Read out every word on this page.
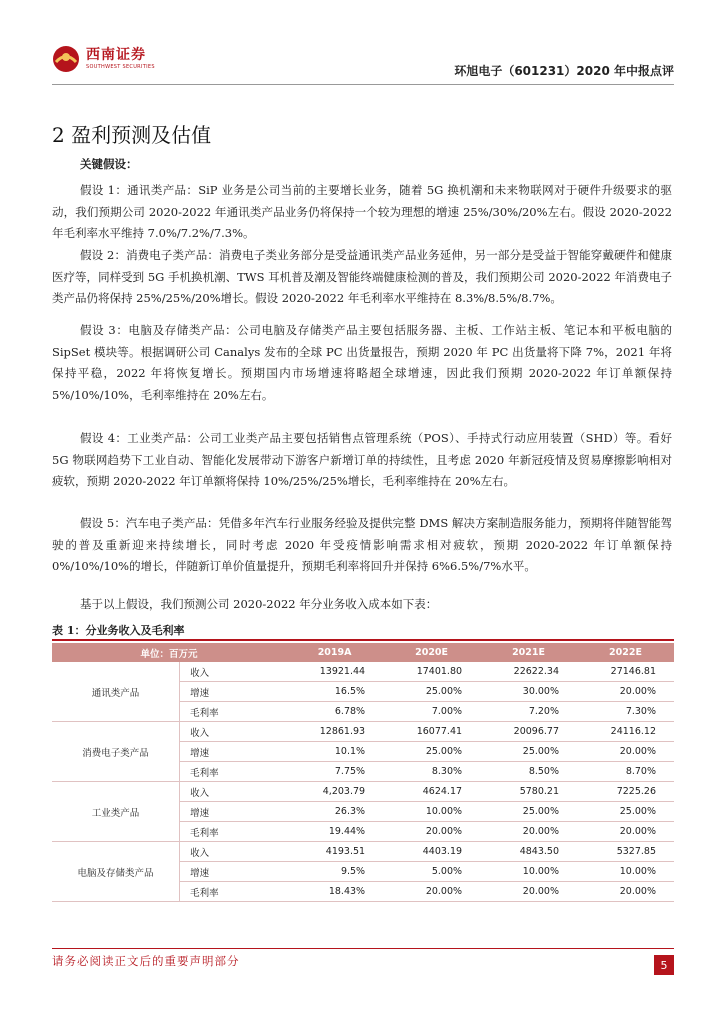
西南证券
SOUTHWEST SECURITIES	环旭电子（601231）2020 年中报点评
2 盈利预测及估值
关键假设：
假设 1：通讯类产品：SiP 业务是公司当前的主要增长业务，随着 5G 换机潮和未来物联网对于硬件升级要求的驱动，我们预期公司 2020-2022 年通讯类产品业务仍将保持一个较为理想的增速 25%/30%/20%左右。假设 2020-2022 年毛利率水平维持 7.0%/7.2%/7.3%。
假设 2：消费电子类产品：消费电子类业务部分是受益通讯类产品业务延伸，另一部分是受益于智能穿戴硬件和健康医疗等，同样受到 5G 手机换机潮、TWS 耳机普及潮及智能终端健康检测的普及，我们预期公司 2020-2022 年消费电子类产品仍将保持 25%/25%/20%增长。假设 2020-2022 年毛利率水平维持在 8.3%/8.5%/8.7%。
假设 3：电脑及存储类产品：公司电脑及存储类产品主要包括服务器、主板、工作站主板、笔记本和平板电脑的 SipSet 模块等。根据调研公司 Canalys 发布的全球 PC 出货量报告，预期 2020 年 PC 出货量将下降 7%，2021 年将保持平稳，2022 年将恢复增长。预期国内市场增速将略超全球增速，因此我们预期 2020-2022 年订单额保持 5%/10%/10%，毛利率维持在 20%左右。
假设 4：工业类产品：公司工业类产品主要包括销售点管理系统（POS）、手持式行动应用装置（SHD）等。看好 5G 物联网趋势下工业自动、智能化发展带动下游客户新增订单的持续性，且考虑 2020 年新冠疫情及贸易摩擦影响相对疲软，预期 2020-2022 年订单额将保持 10%/25%/25%增长，毛利率维持在 20%左右。
假设 5：汽车电子类产品：凭借多年汽车行业服务经验及提供完整 DMS 解决方案制造服务能力，预期将伴随智能驾驶的普及重新迎来持续增长，同时考虑 2020 年受疫情影响需求相对疲软，预期 2020-2022 年订单额保持 0%/10%/10%的增长，伴随新订单价值量提升，预期毛利率将回升并保持 6%6.5%/7%水平。
基于以上假设，我们预测公司 2020-2022 年分业务收入成本如下表：
表 1：分业务收入及毛利率
单位：百万元		2019A	2020E	2021E	2022E
通讯类产品	收入	13921.44	17401.80	22622.34	27146.81
	增速	16.5%	25.00%	30.00%	20.00%
	毛利率	6.78%	7.00%	7.20%	7.30%
消费电子类产品	收入	12861.93	16077.41	20096.77	24116.12
	增速	10.1%	25.00%	25.00%	20.00%
	毛利率	7.75%	8.30%	8.50%	8.70%
工业类产品	收入	4,203.79	4624.17	5780.21	7225.26
	增速	26.3%	10.00%	25.00%	25.00%
	毛利率	19.44%	20.00%	20.00%	20.00%
电脑及存储类产品	收入	4193.51	4403.19	4843.50	5327.85
	增速	9.5%	5.00%	10.00%	10.00%
	毛利率	18.43%	20.00%	20.00%	20.00%
请务必阅读正文后的重要声明部分	5
